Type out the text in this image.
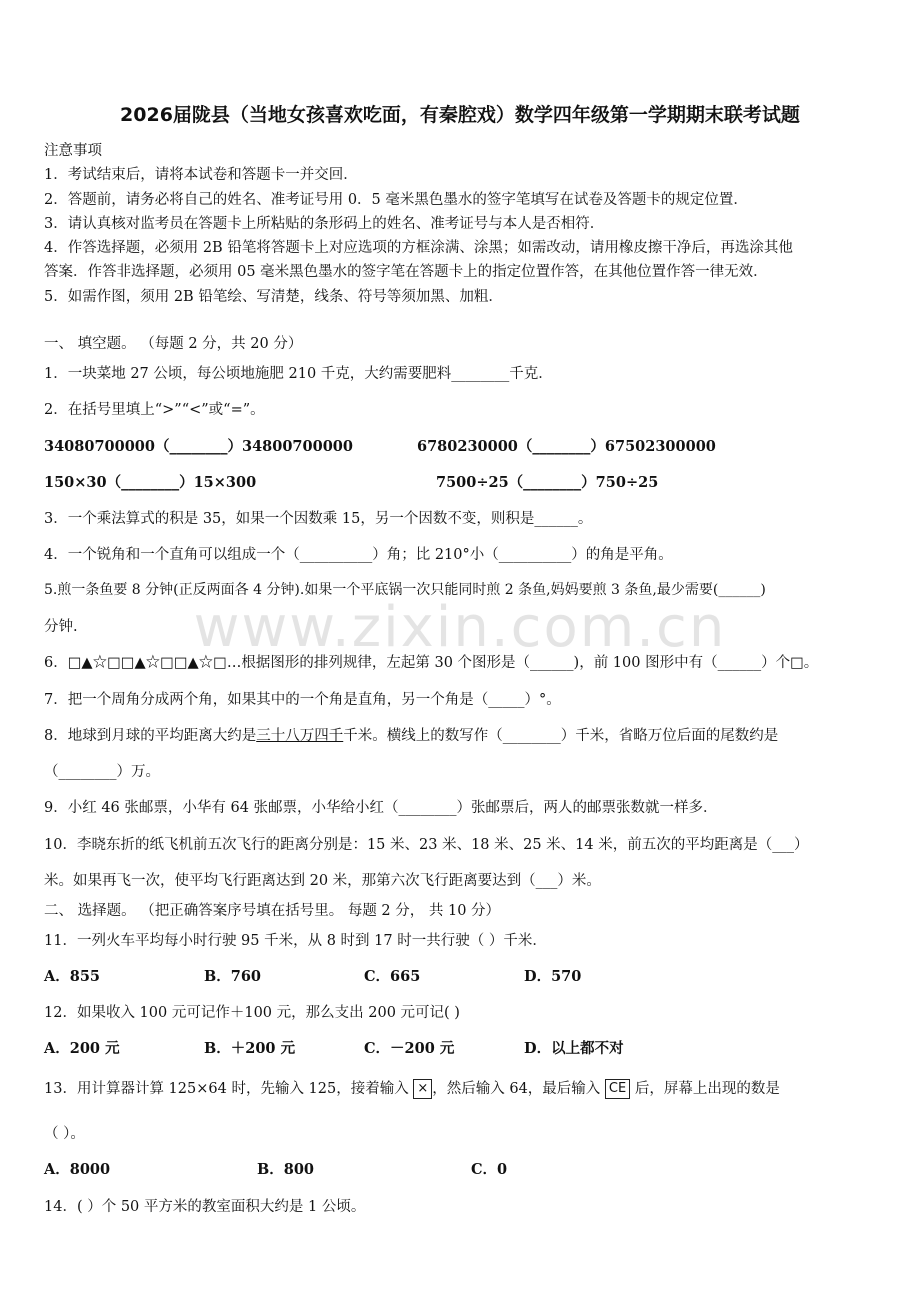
www.zixin.com.cn
2026届陇县（当地女孩喜欢吃面，有秦腔戏）数学四年级第一学期期末联考试题
注意事项
1．考试结束后，请将本试卷和答题卡一并交回．
2．答题前，请务必将自己的姓名、准考证号用 0．5 毫米黑色墨水的签字笔填写在试卷及答题卡的规定位置．
3．请认真核对监考员在答题卡上所粘贴的条形码上的姓名、准考证号与本人是否相符．
4．作答选择题，必须用 2B 铅笔将答题卡上对应选项的方框涂满、涂黑；如需改动，请用橡皮擦干净后，再选涂其他
答案．作答非选择题，必须用 05 毫米黑色墨水的签字笔在答题卡上的指定位置作答，在其他位置作答一律无效．
5．如需作图，须用 2B 铅笔绘、写清楚，线条、符号等须加黑、加粗．
一、 填空题。 （每题 2 分，共 20 分）
1．一块菜地 27 公顷，每公顷地施肥 210 千克，大约需要肥料________千克．
2．在括号里填上“>”“<”或“=”。
34080700000（________）34800700000	6780230000（________）67502300000
150×30（________）15×300	7500÷25（________）750÷25
3．一个乘法算式的积是 35，如果一个因数乘 15，另一个因数不变，则积是______。
4．一个锐角和一个直角可以组成一个（__________）角；比 210°小（__________）的角是平角。
5.煎一条鱼要 8 分钟(正反两面各 4 分钟).如果一个平底锅一次只能同时煎 2 条鱼,妈妈要煎 3 条鱼,最少需要(______)
分钟.
6．□▲☆□□▲☆□□▲☆□…根据图形的排列规律，左起第 30 个图形是（______)，前 100 图形中有（______）个□。
7．把一个周角分成两个角，如果其中的一个角是直角，另一个角是（_____）°。
8．地球到月球的平均距离大约是三十八万四千千米。横线上的数写作（________）千米，省略万位后面的尾数约是
（________）万。
9．小红 46 张邮票，小华有 64 张邮票，小华给小红（________）张邮票后，两人的邮票张数就一样多．
10．李晓东折的纸飞机前五次飞行的距离分别是：15 米、23 米、18 米、25 米、14 米，前五次的平均距离是（___）
米。如果再飞一次，使平均飞行距离达到 20 米，那第六次飞行距离要达到（___）米。
二、 选择题。 （把正确答案序号填在括号里。 每题 2 分， 共 10 分）
11．一列火车平均每小时行驶 95 千米，从 8 时到 17 时一共行驶（ ）千米．
A．855	B．760	C．665	D．570
12．如果收入 100 元可记作＋100 元，那么支出 200 元可记( )
A．200 元	B．＋200 元	C．－200 元	D．以上都不对
13．用计算器计算 125×64 时，先输入 125，接着输入 × ，然后输入 64，最后输入 CE 后，屏幕上出现的数是
（ ）。
A．8000	B．800	C．0
14．( ）个 50 平方米的教室面积大约是 1 公顷。
